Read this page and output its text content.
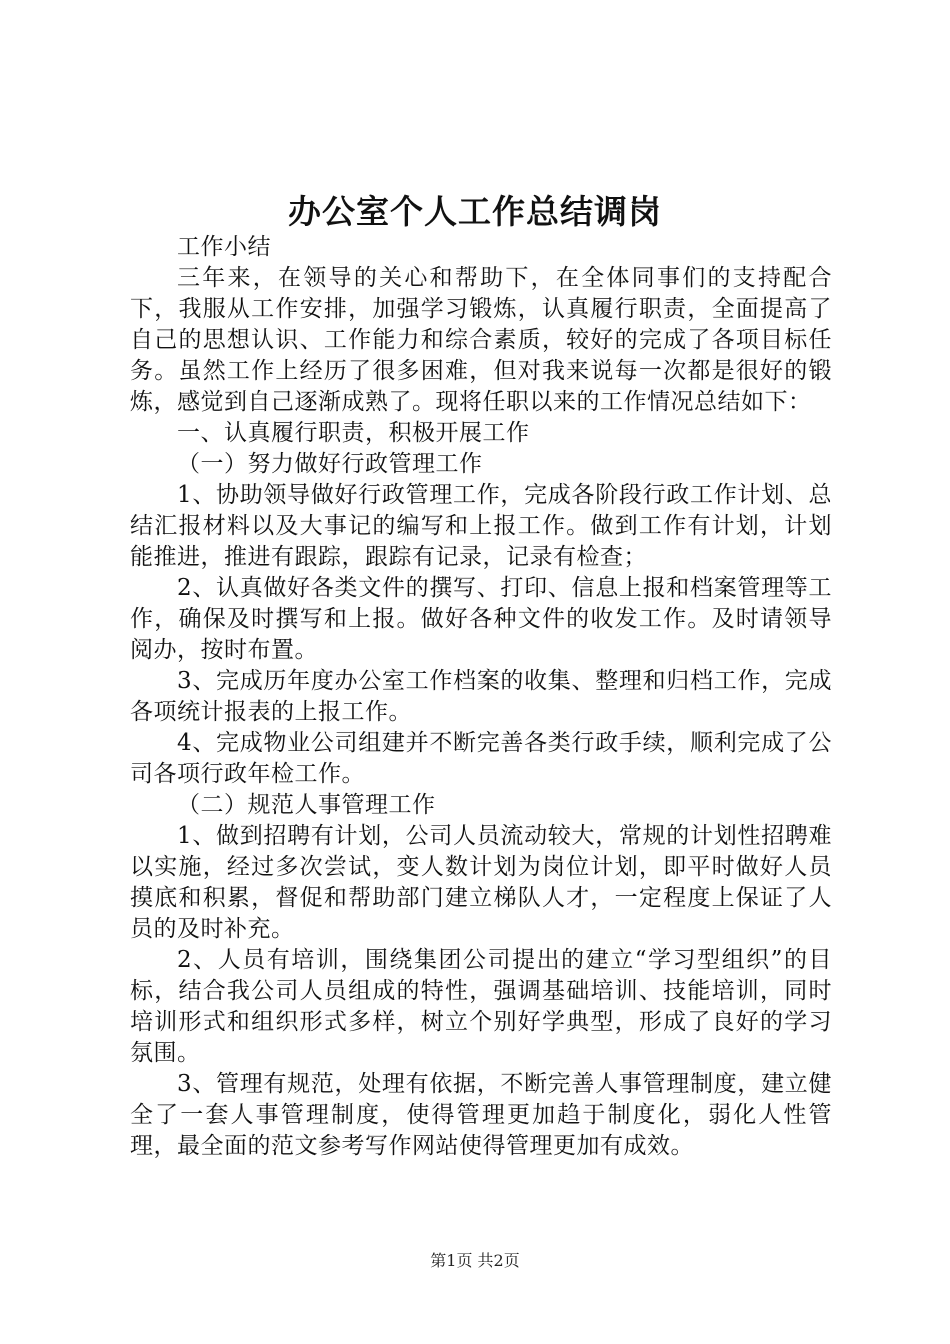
办公室个人工作总结调岗

工作小结

三年来，在领导的关心和帮助下，在全体同事们的支持配合下，我服从工作安排，加强学习锻炼，认真履行职责，全面提高了自己的思想认识、工作能力和综合素质，较好的完成了各项目标任务。虽然工作上经历了很多困难，但对我来说每一次都是很好的锻炼，感觉到自己逐渐成熟了。现将任职以来的工作情况总结如下：

一、认真履行职责，积极开展工作

（一）努力做好行政管理工作

1、协助领导做好行政管理工作，完成各阶段行政工作计划、总结汇报材料以及大事记的编写和上报工作。做到工作有计划，计划能推进，推进有跟踪，跟踪有记录，记录有检查；

2、认真做好各类文件的撰写、打印、信息上报和档案管理等工作，确保及时撰写和上报。做好各种文件的收发工作。及时请领导阅办，按时布置。

3、完成历年度办公室工作档案的收集、整理和归档工作，完成各项统计报表的上报工作。

4、完成物业公司组建并不断完善各类行政手续，顺利完成了公司各项行政年检工作。

（二）规范人事管理工作

1、做到招聘有计划，公司人员流动较大，常规的计划性招聘难以实施，经过多次尝试，变人数计划为岗位计划，即平时做好人员摸底和积累，督促和帮助部门建立梯队人才，一定程度上保证了人员的及时补充。

2、人员有培训，围绕集团公司提出的建立“学习型组织”的目标，结合我公司人员组成的特性，强调基础培训、技能培训，同时培训形式和组织形式多样，树立个别好学典型，形成了良好的学习氛围。

3、管理有规范，处理有依据，不断完善人事管理制度，建立健全了一套人事管理制度，使得管理更加趋于制度化，弱化人性管理，最全面的范文参考写作网站使得管理更加有成效。

第1页 共2页
